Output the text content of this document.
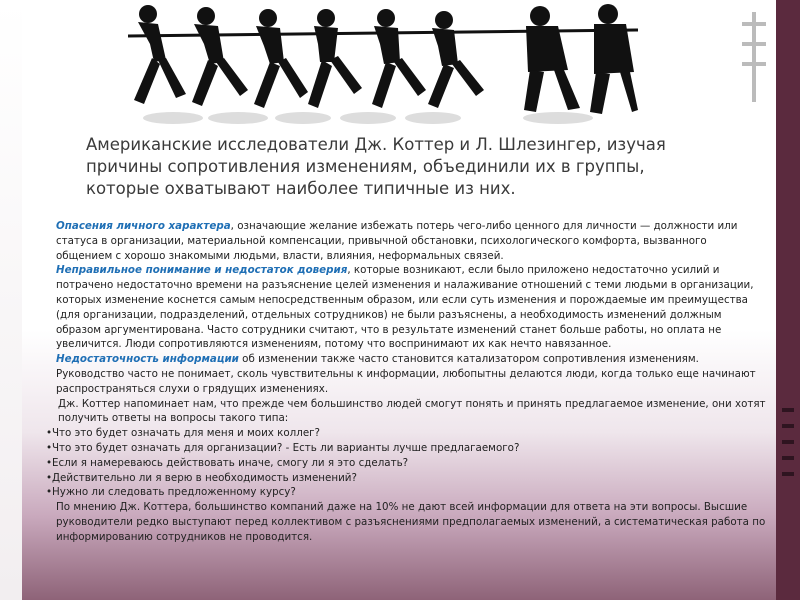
Американские исследователи Дж. Коттер и Л. Шлезингер, изучая
причины сопротивления изменениям, объединили их в группы,
которые охватывают наиболее типичные из них.

Опасения личного характера, означающие желание избежать потерь чего-либо ценного для личности — должности или статуса в организации, материальной компенсации, привычной обстановки, психологического комфорта, вызванного общением с хорошо знакомыми людьми, власти, влияния, неформальных связей.

Неправильное понимание и недостаток доверия, которые возникают, если было приложено недостаточно усилий и потрачено недостаточно времени на разъяснение целей изменения и налаживание отношений с теми людьми в организации, которых изменение коснется самым непосредственным образом, или если суть изменения и порождаемые им преимущества (для организации, подразделений, отдельных сотрудников) не были разъяснены, а необходимость изменений должным образом аргументирована. Часто сотрудники считают, что в результате изменений станет больше работы, но оплата не увеличится. Люди сопротивляются изменениям, потому что воспринимают их как нечто навязанное.

Недостаточность информации об изменении также часто становится катализатором сопротивления изменениям. Руководство часто не понимает, сколь чувствительны к информации, любопытны делаются люди, когда только еще начинают распространяться слухи о грядущих изменениях.

Дж. Коттер напоминает нам, что прежде чем большинство людей смогут понять и принять предлагаемое изменение, они хотят получить ответы на вопросы такого типа:

• Что это будет означать для меня и моих коллег?

• Что это будет означать для организации? - Есть ли варианты лучше предлагаемого?

• Если я намереваюсь действовать иначе, смогу ли я это сделать?

• Действительно ли я верю в необходимость изменений?

• Нужно ли следовать предложенному курсу?

По мнению Дж. Коттера, большинство компаний даже на 10% не дают всей информации для ответа на эти вопросы. Высшие руководители редко выступают перед коллективом с разъяснениями предполагаемых изменений, а систематическая работа по информированию сотрудников не проводится.
